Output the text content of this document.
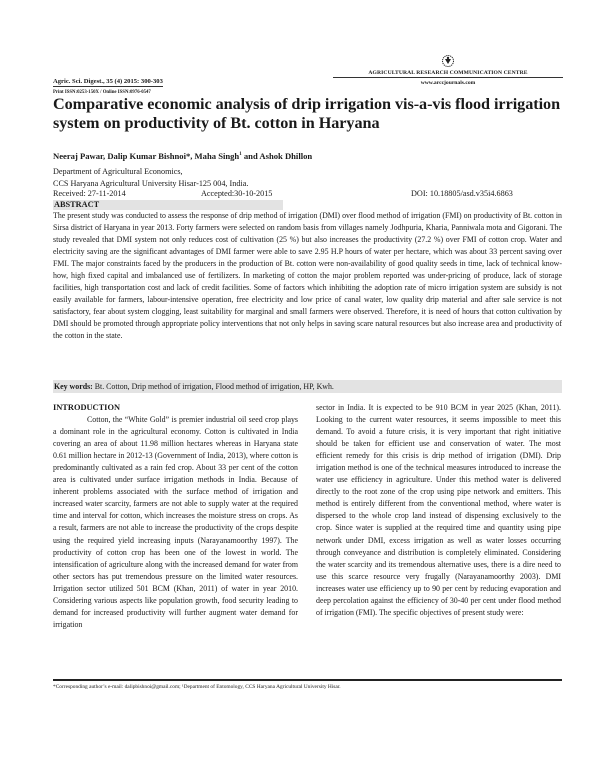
Agric. Sci. Digest., 35 (4) 2015: 300-303
Print ISSN:0253-150X / Online ISSN:0976-0547
AGRICULTURAL RESEARCH COMMUNICATION CENTRE
www.arccjournals.com
Comparative economic analysis of drip irrigation vis-a-vis flood irrigation system on productivity of Bt. cotton in Haryana
Neeraj Pawar, Dalip Kumar Bishnoi*, Maha Singh$^1$ and Ashok Dhillon
Department of Agricultural Economics,
CCS Haryana Agricultural University Hisar-125 004, India.
Received: 27-11-2014	Accepted:30-10-2015	DOI: 10.18805/asd.v35i4.6863
ABSTRACT
The present study was conducted to assess the response of drip method of irrigation (DMI) over flood method of irrigation (FMI) on productivity of Bt. cotton in Sirsa district of Haryana in year 2013. Forty farmers were selected on random basis from villages namely Jodhpuria, Kharia, Panniwala mota and Gigorani. The study revealed that DMI system not only reduces cost of cultivation (25 %) but also increases the productivity (27.2 %) over FMI of cotton crop. Water and electricity saving are the significant advantages of DMI farmer were able to save 2.95 H.P hours of water per hectare, which was about 33 percent saving over FMI. The major constraints faced by the producers in the production of Bt. cotton were non-availability of good quality seeds in time, lack of technical know-how, high fixed capital and imbalanced use of fertilizers. In marketing of cotton the major problem reported was under-pricing of produce, lack of storage facilities, high transportation cost and lack of credit facilities. Some of factors which inhibiting the adoption rate of micro irrigation system are subsidy is not easily available for farmers, labour-intensive operation, free electricity and low price of canal water, low quality drip material and after sale service is not satisfactory, fear about system clogging, least suitability for marginal and small farmers were observed. Therefore, it is need of hours that cotton cultivation by DMI should be promoted through appropriate policy interventions that not only helps in saving scare natural resources but also increase area and productivity of the cotton in the state.
Key words: Bt. Cotton, Drip method of irrigation, Flood method of irrigation, HP, Kwh.
INTRODUCTION

Cotton, the “White Gold” is premier industrial oil seed crop plays a dominant role in the agricultural economy. Cotton is cultivated in India covering an area of about 11.98 million hectares whereas in Haryana state 0.61 million hectare in 2012-13 (Government of India, 2013), where cotton is predominantly cultivated as a rain fed crop. About 33 per cent of the cotton area is cultivated under surface irrigation methods in India. Because of inherent problems associated with the surface method of irrigation and increased water scarcity, farmers are not able to supply water at the required time and interval for cotton, which increases the moisture stress on crops. As a result, farmers are not able to increase the productivity of the crops despite using the required yield increasing inputs (Narayanamoorthy 1997). The productivity of cotton crop has been one of the lowest in world. The intensification of agriculture along with the increased demand for water from other sectors has put tremendous pressure on the limited water resources. Irrigation sector utilized 501 BCM (Khan, 2011) of water in year 2010. Considering various aspects like population growth, food security leading to demand for increased productivity will further augment water demand for irrigation

sector in India. It is expected to be 910 BCM in year 2025 (Khan, 2011). Looking to the current water resources, it seems impossible to meet this demand. To avoid a future crisis, it is very important that right initiative should be taken for efficient use and conservation of water. The most efficient remedy for this crisis is drip method of irrigation (DMI). Drip irrigation method is one of the technical measures introduced to increase the water use efficiency in agriculture. Under this method water is delivered directly to the root zone of the crop using pipe network and emitters. This method is entirely different from the conventional method, where water is dispersed to the whole crop land instead of dispensing exclusively to the crop. Since water is supplied at the required time and quantity using pipe network under DMI, excess irrigation as well as water losses occurring through conveyance and distribution is completely eliminated. Considering the water scarcity and its tremendous alternative uses, there is a dire need to use this scarce resource very frugally (Narayanamoorthy 2003). DMI increases water use efficiency up to 90 per cent by reducing evaporation and deep percolation against the efficiency of 30-40 per cent under flood method of irrigation (FMI). The specific objectives of present study were:

*Corresponding author’s e-mail: dalipbishnoi@gmail.com; ¹Department of Entomology, CCS Haryana Agricultural University Hisar.
